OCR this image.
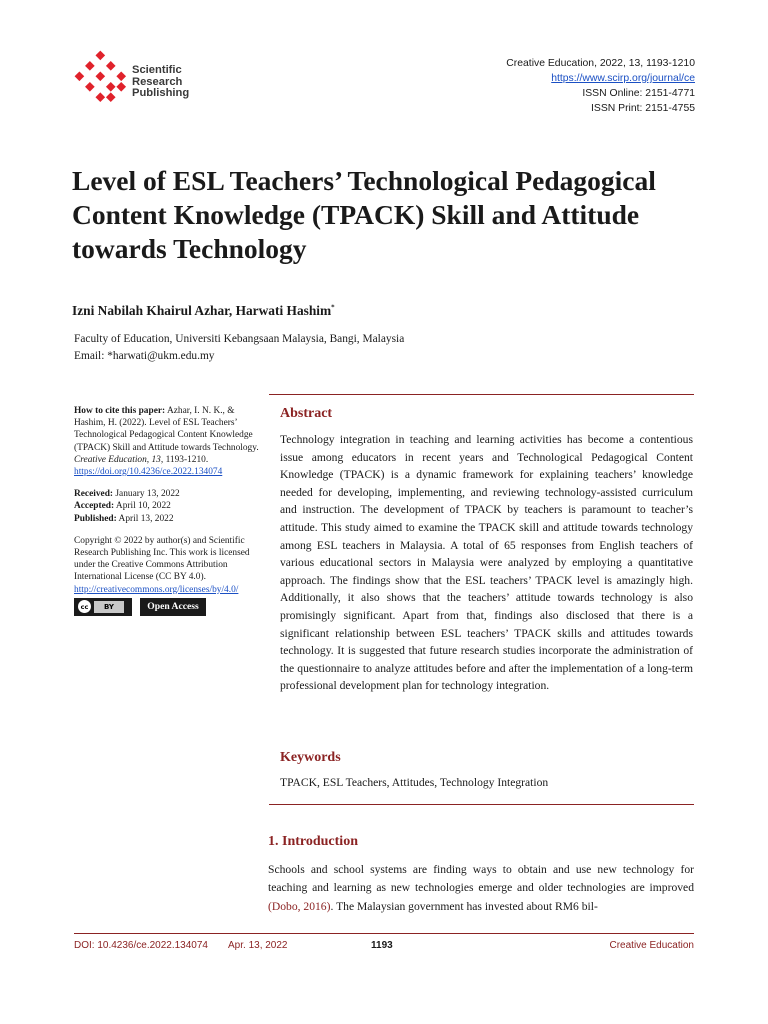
Scientific
Research
Publishing
Creative Education, 2022, 13, 1193-1210
https://www.scirp.org/journal/ce
ISSN Online: 2151-4771
ISSN Print: 2151-4755
Level of ESL Teachers’ Technological Pedagogical Content Knowledge (TPACK) Skill and Attitude towards Technology
Izni Nabilah Khairul Azhar, Harwati Hashim*
Faculty of Education, Universiti Kebangsaan Malaysia, Bangi, Malaysia
Email: *harwati@ukm.edu.my
How to cite this paper: Azhar, I. N. K., & Hashim, H. (2022). Level of ESL Teachers’ Technological Pedagogical Content Knowledge (TPACK) Skill and Attitude towards Technology. Creative Education, 13, 1193-1210.
https://doi.org/10.4236/ce.2022.134074
Received: January 13, 2022
Accepted: April 10, 2022
Published: April 13, 2022
Copyright © 2022 by author(s) and Scientific Research Publishing Inc. This work is licensed under the Creative Commons Attribution International License (CC BY 4.0).
http://creativecommons.org/licenses/by/4.0/
cc	BY	Open Access
Abstract

Technology integration in teaching and learning activities has become a contentious issue among educators in recent years and Technological Pedagogical Content Knowledge (TPACK) is a dynamic framework for explaining teachers’ knowledge needed for developing, implementing, and reviewing technology-assisted curriculum and instruction. The development of TPACK by teachers is paramount to teacher’s attitude. This study aimed to examine the TPACK skill and attitude towards technology among ESL teachers in Malaysia. A total of 65 responses from English teachers of various educational sectors in Malaysia were analyzed by employing a quantitative approach. The findings show that the ESL teachers’ TPACK level is amazingly high. Additionally, it also shows that the teachers’ attitude towards technology is also promisingly significant. Apart from that, findings also disclosed that there is a significant relationship between ESL teachers’ TPACK skills and attitudes towards technology. It is suggested that future research studies incorporate the administration of the questionnaire to analyze attitudes before and after the implementation of a long-term professional development plan for technology integration.

Keywords

TPACK, ESL Teachers, Attitudes, Technology Integration

1. Introduction

Schools and school systems are finding ways to obtain and use new technology for teaching and learning as new technologies emerge and older technologies are improved (Dobo, 2016). The Malaysian government has invested about RM6 bil-

DOI: 10.4236/ce.2022.134074 Apr. 13, 2022	1193	Creative Education
